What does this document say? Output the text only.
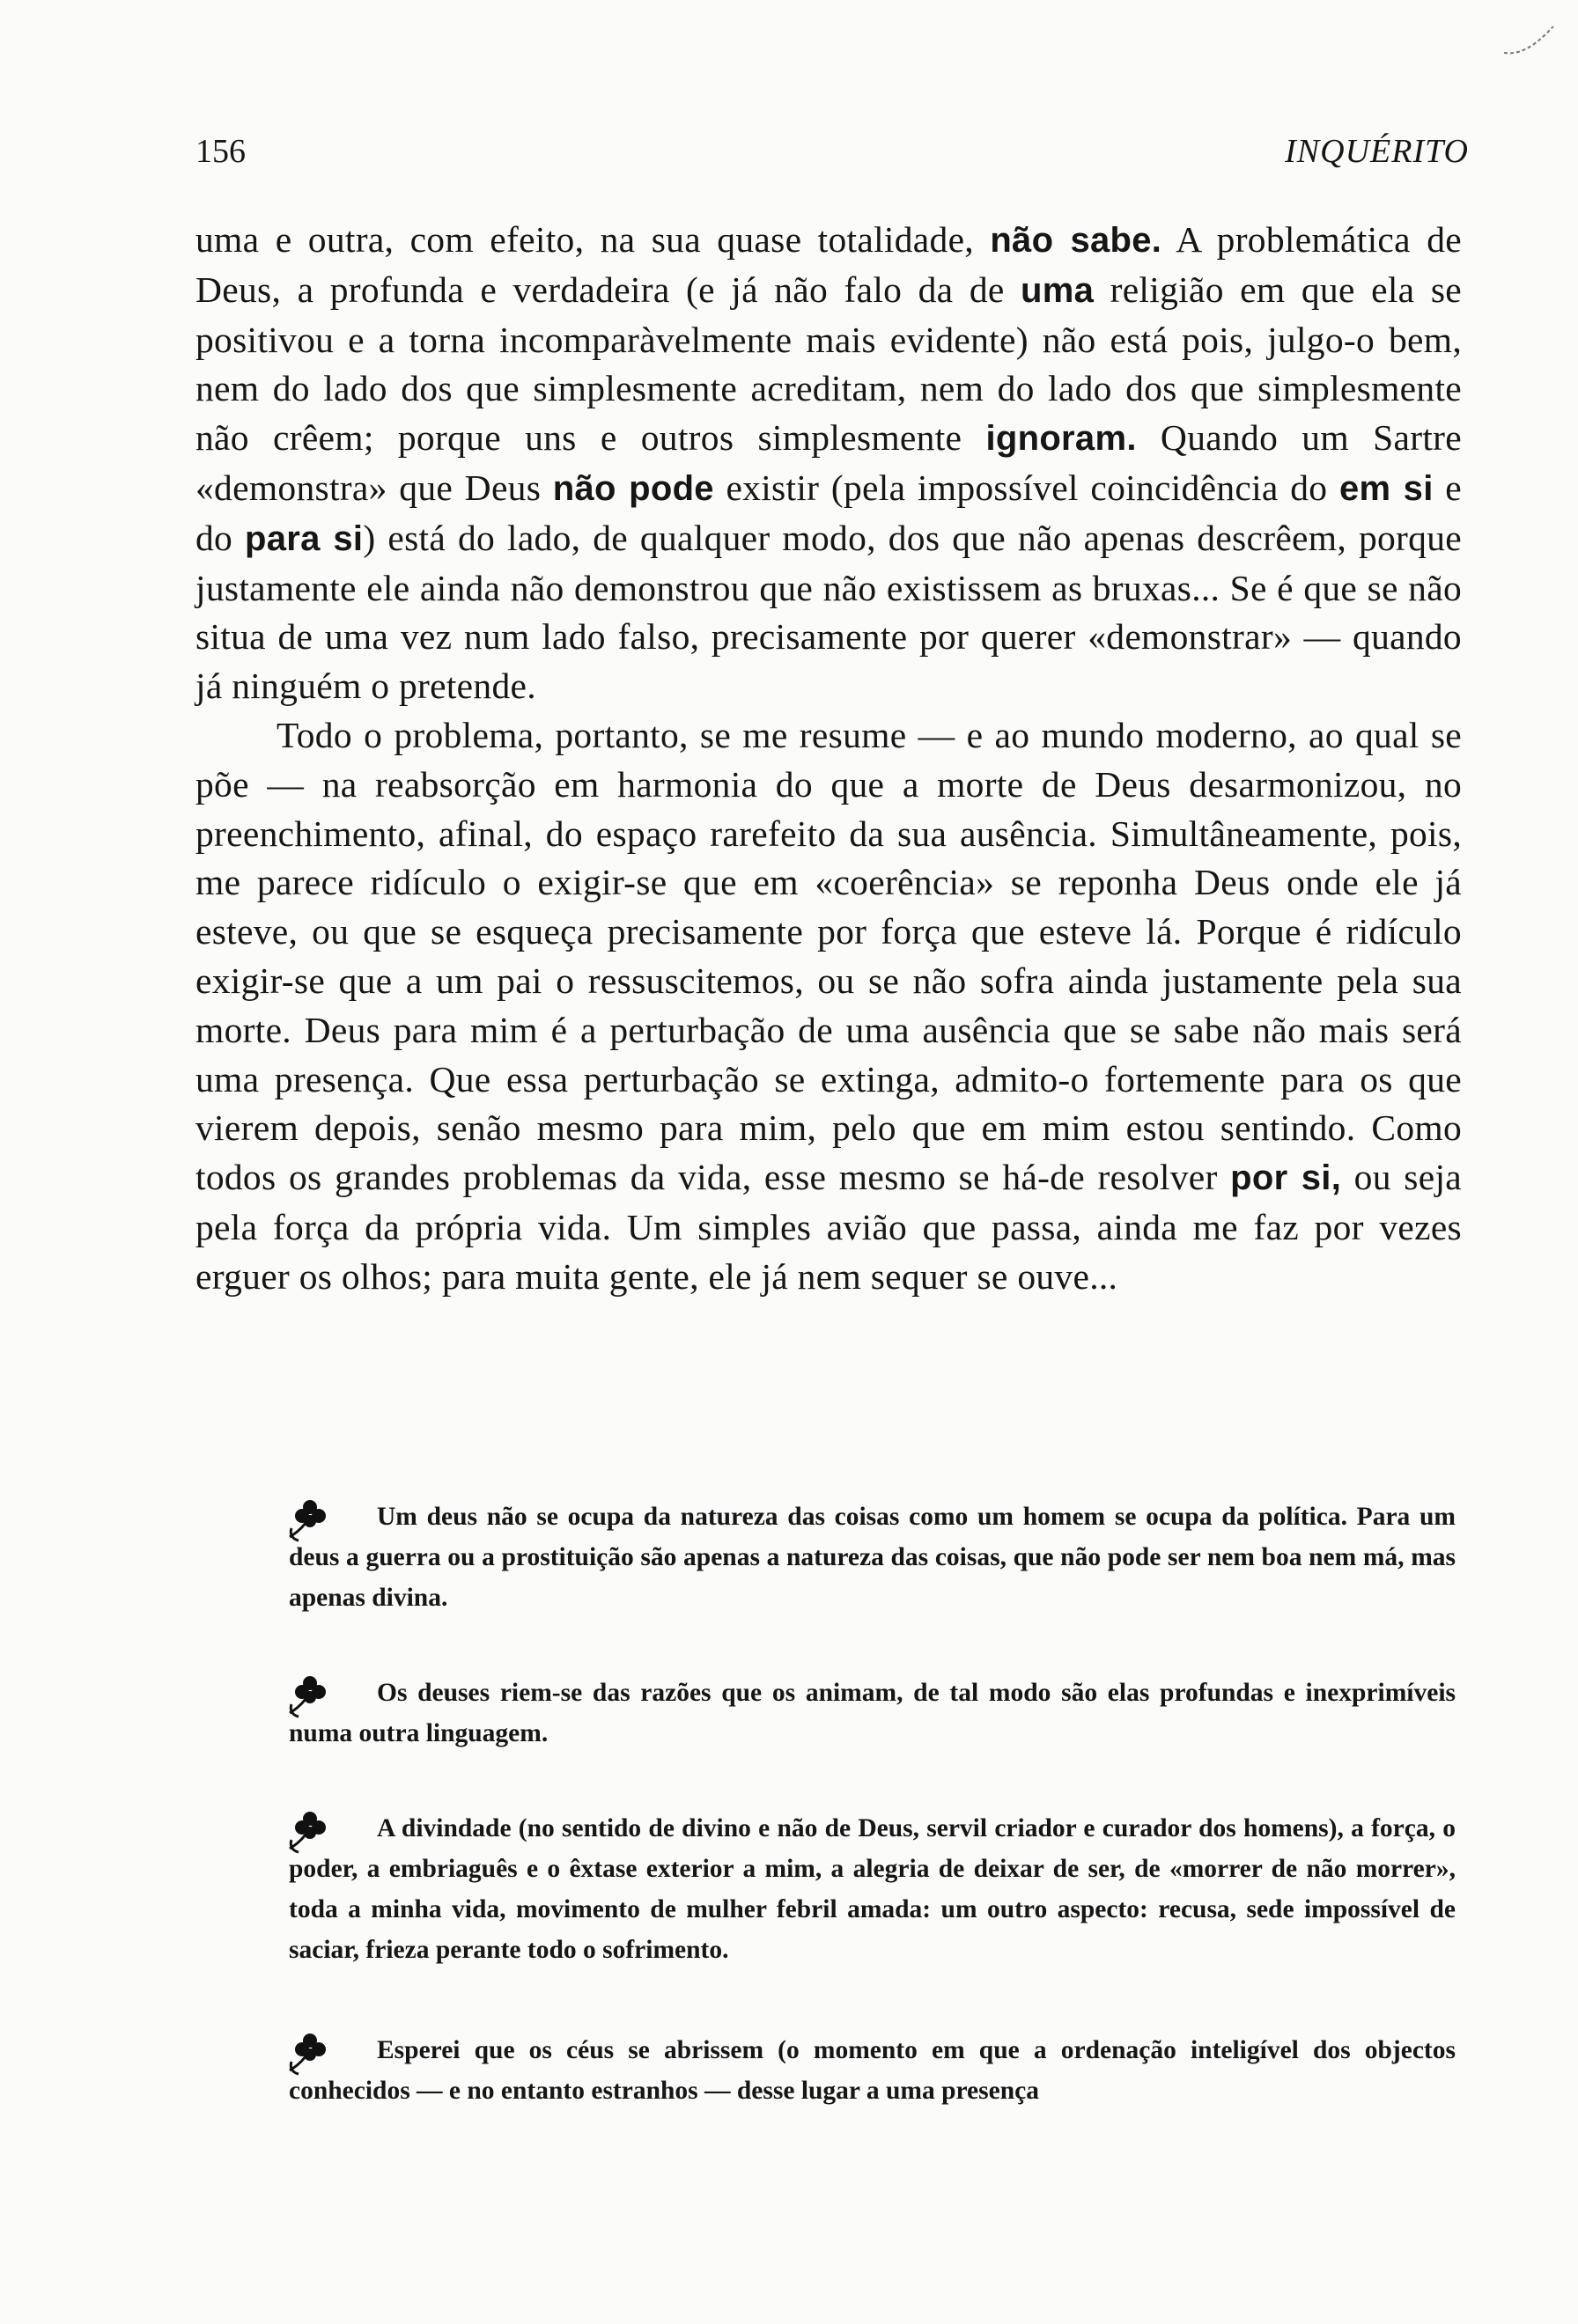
156	INQUÉRITO

uma e outra, com efeito, na sua quase totalidade, não sabe. A problemática de Deus, a profunda e verdadeira (e já não falo da de uma religião em que ela se positivou e a torna incomparàvelmente mais evidente) não está pois, julgo-o bem, nem do lado dos que simplesmente acreditam, nem do lado dos que simplesmente não crêem; porque uns e outros simplesmente ignoram. Quando um Sartre «demonstra» que Deus não pode existir (pela impossível coincidência do em si e do para si) está do lado, de qualquer modo, dos que não apenas descrêem, porque justamente ele ainda não demonstrou que não existissem as bruxas... Se é que se não situa de uma vez num lado falso, precisamente por querer «demonstrar» — quando já ninguém o pretende.

Todo o problema, portanto, se me resume — e ao mundo moderno, ao qual se põe — na reabsorção em harmonia do que a morte de Deus desarmonizou, no preenchimento, afinal, do espaço rarefeito da sua ausência. Simultâneamente, pois, me parece ridículo o exigir-se que em «coerência» se reponha Deus onde ele já esteve, ou que se esqueça precisamente por força que esteve lá. Porque é ridículo exigir-se que a um pai o ressuscitemos, ou se não sofra ainda justamente pela sua morte. Deus para mim é a perturbação de uma ausência que se sabe não mais será uma presença. Que essa perturbação se extinga, admito-o fortemente para os que vierem depois, senão mesmo para mim, pelo que em mim estou sentindo. Como todos os grandes problemas da vida, esse mesmo se há-de resolver por si, ou seja pela força da própria vida. Um simples avião que passa, ainda me faz por vezes erguer os olhos; para muita gente, ele já nem sequer se ouve...

Um deus não se ocupa da natureza das coisas como um homem se ocupa da política. Para um deus a guerra ou a prostituição são apenas a natureza das coisas, que não pode ser nem boa nem má, mas apenas divina.
Os deuses riem-se das razões que os animam, de tal modo são elas profundas e inexprimíveis numa outra linguagem.
A divindade (no sentido de divino e não de Deus, servil criador e curador dos homens), a força, o poder, a embriaguês e o êxtase exterior a mim, a alegria de deixar de ser, de «morrer de não morrer», toda a minha vida, movimento de mulher febril amada: um outro aspecto: recusa, sede impossível de saciar, frieza perante todo o sofrimento.
Esperei que os céus se abrissem (o momento em que a ordenação inteligível dos objectos conhecidos — e no entanto estranhos — desse lugar a uma presença
